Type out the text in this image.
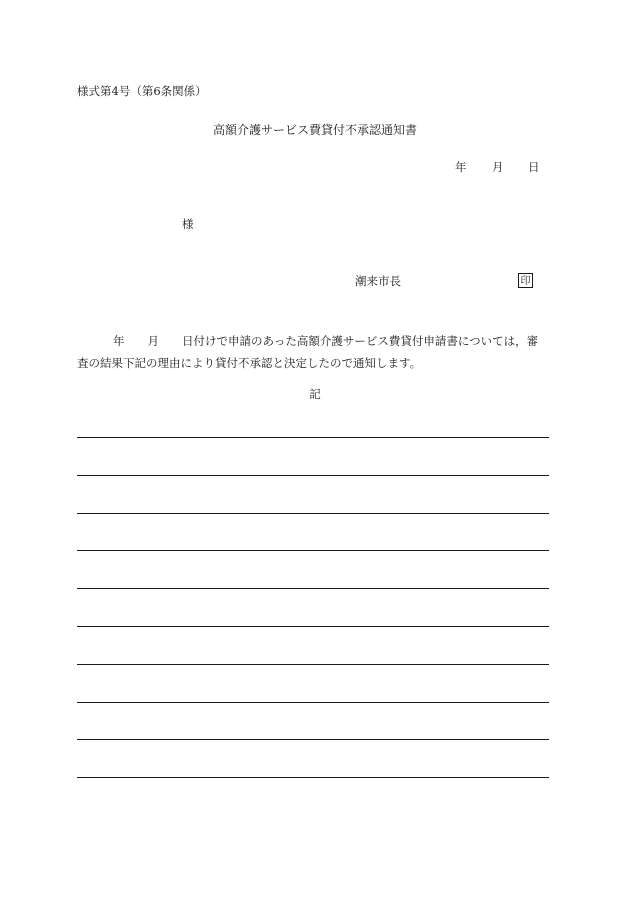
様式第4号（第6条関係）
高額介護サービス費貸付不承認通知書
年 月 日
様
潮来市長	印
年 月 日付けで申請のあった高額介護サービス費貸付申請書については，審
査の結果下記の理由により貸付不承認と決定したので通知します。
記
